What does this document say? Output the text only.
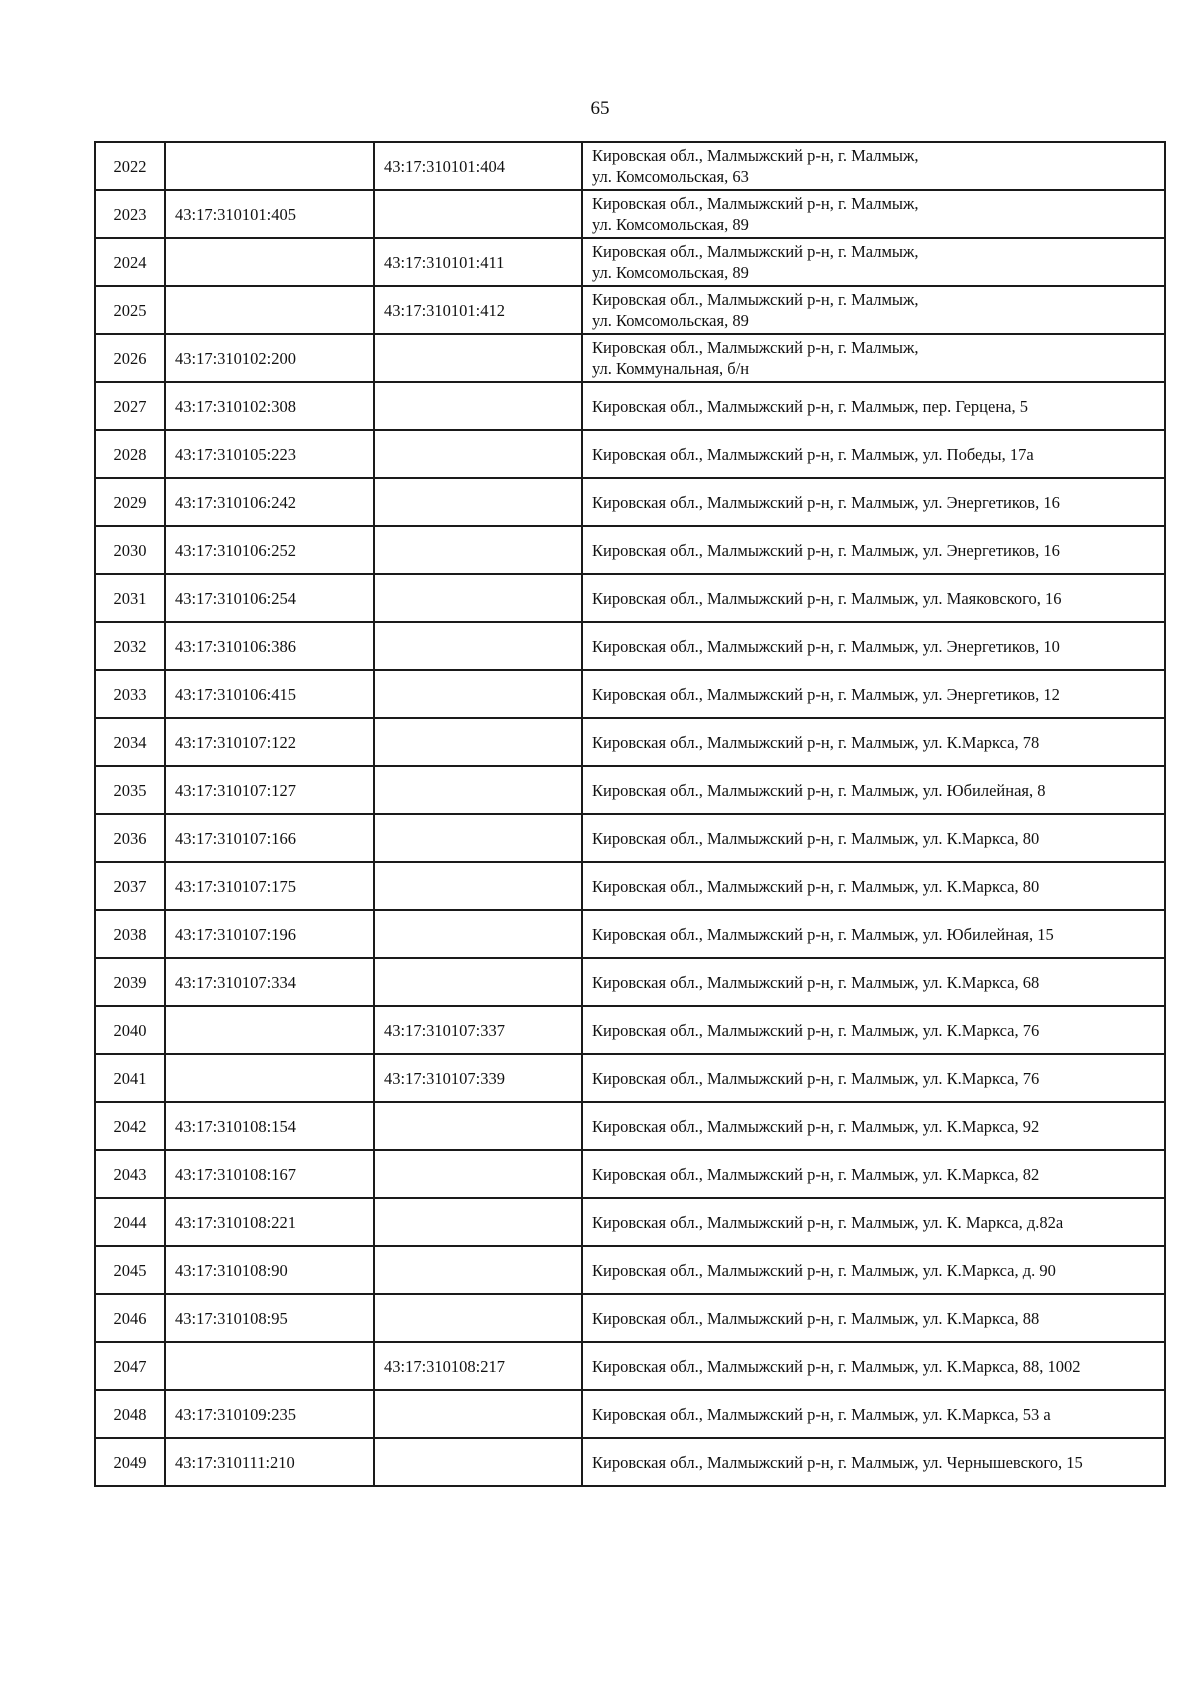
65
2022		43:17:310101:404	Кировская обл., Малмыжский р-н, г. Малмыж,
ул. Комсомольская, 63
2023	43:17:310101:405		Кировская обл., Малмыжский р-н, г. Малмыж,
ул. Комсомольская, 89
2024		43:17:310101:411	Кировская обл., Малмыжский р-н, г. Малмыж,
ул. Комсомольская, 89
2025		43:17:310101:412	Кировская обл., Малмыжский р-н, г. Малмыж,
ул. Комсомольская, 89
2026	43:17:310102:200		Кировская обл., Малмыжский р-н, г. Малмыж,
ул. Коммунальная, б/н
2027	43:17:310102:308		Кировская обл., Малмыжский р-н, г. Малмыж, пер. Герцена, 5
2028	43:17:310105:223		Кировская обл., Малмыжский р-н, г. Малмыж, ул. Победы, 17а
2029	43:17:310106:242		Кировская обл., Малмыжский р-н, г. Малмыж, ул. Энергетиков, 16
2030	43:17:310106:252		Кировская обл., Малмыжский р-н, г. Малмыж, ул. Энергетиков, 16
2031	43:17:310106:254		Кировская обл., Малмыжский р-н, г. Малмыж, ул. Маяковского, 16
2032	43:17:310106:386		Кировская обл., Малмыжский р-н, г. Малмыж, ул. Энергетиков, 10
2033	43:17:310106:415		Кировская обл., Малмыжский р-н, г. Малмыж, ул. Энергетиков, 12
2034	43:17:310107:122		Кировская обл., Малмыжский р-н, г. Малмыж, ул. К.Маркса, 78
2035	43:17:310107:127		Кировская обл., Малмыжский р-н, г. Малмыж, ул. Юбилейная, 8
2036	43:17:310107:166		Кировская обл., Малмыжский р-н, г. Малмыж, ул. К.Маркса, 80
2037	43:17:310107:175		Кировская обл., Малмыжский р-н, г. Малмыж, ул. К.Маркса, 80
2038	43:17:310107:196		Кировская обл., Малмыжский р-н, г. Малмыж, ул. Юбилейная, 15
2039	43:17:310107:334		Кировская обл., Малмыжский р-н, г. Малмыж, ул. К.Маркса, 68
2040		43:17:310107:337	Кировская обл., Малмыжский р-н, г. Малмыж, ул. К.Маркса, 76
2041		43:17:310107:339	Кировская обл., Малмыжский р-н, г. Малмыж, ул. К.Маркса, 76
2042	43:17:310108:154		Кировская обл., Малмыжский р-н, г. Малмыж, ул. К.Маркса, 92
2043	43:17:310108:167		Кировская обл., Малмыжский р-н, г. Малмыж, ул. К.Маркса, 82
2044	43:17:310108:221		Кировская обл., Малмыжский р-н, г. Малмыж, ул. К. Маркса, д.82а
2045	43:17:310108:90		Кировская обл., Малмыжский р-н, г. Малмыж, ул. К.Маркса, д. 90
2046	43:17:310108:95		Кировская обл., Малмыжский р-н, г. Малмыж, ул. К.Маркса, 88
2047		43:17:310108:217	Кировская обл., Малмыжский р-н, г. Малмыж, ул. К.Маркса, 88, 1002
2048	43:17:310109:235		Кировская обл., Малмыжский р-н, г. Малмыж, ул. К.Маркса, 53 а
2049	43:17:310111:210		Кировская обл., Малмыжский р-н, г. Малмыж, ул. Чернышевского, 15
